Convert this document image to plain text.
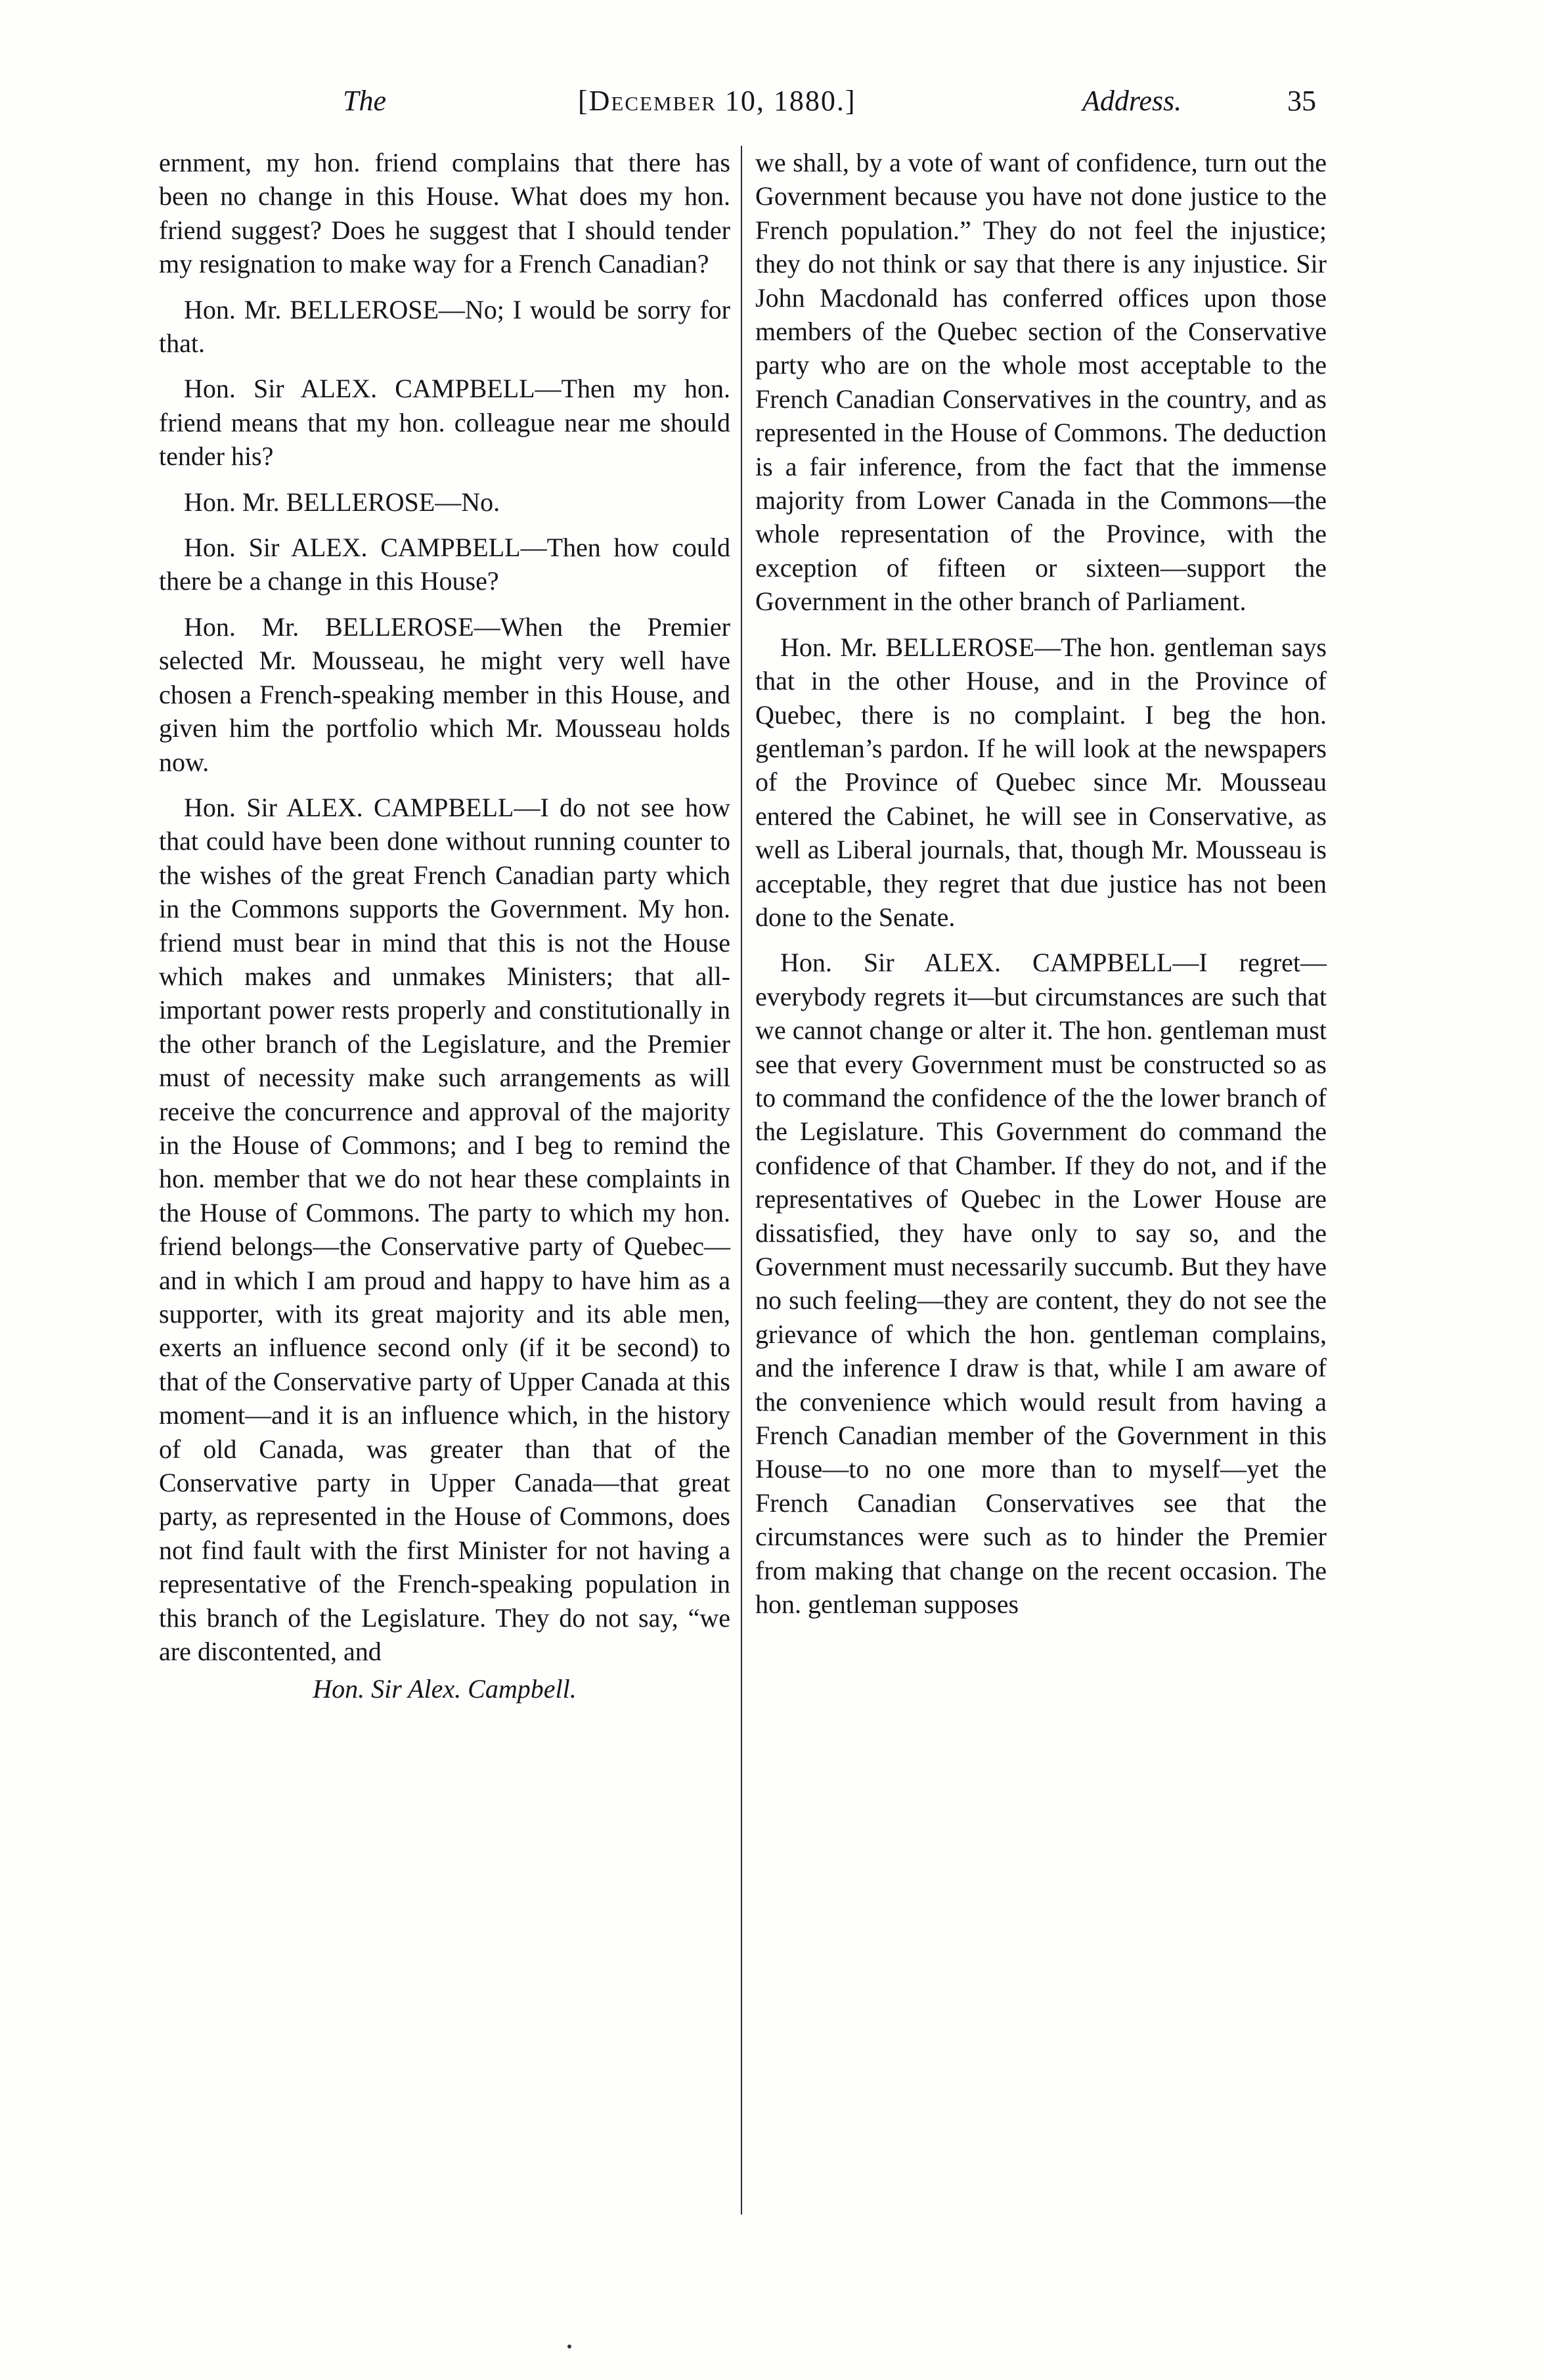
The	[December 10, 1880.]	Address.	35

ernment, my hon. friend complains that there has been no change in this House. What does my hon. friend suggest? Does he suggest that I should tender my resignation to make way for a French Canadian?

Hon. Mr. BELLEROSE—No; I would be sorry for that.

Hon. Sir ALEX. CAMPBELL—Then my hon. friend means that my hon. colleague near me should tender his?

Hon. Mr. BELLEROSE—No.

Hon. Sir ALEX. CAMPBELL—Then how could there be a change in this House?

Hon. Mr. BELLEROSE—When the Premier selected Mr. Mousseau, he might very well have chosen a French-speaking member in this House, and given him the portfolio which Mr. Mousseau holds now.

Hon. Sir ALEX. CAMPBELL—I do not see how that could have been done without running counter to the wishes of the great French Canadian party which in the Commons supports the Government. My hon. friend must bear in mind that this is not the House which makes and unmakes Ministers; that all-important power rests properly and constitutionally in the other branch of the Legislature, and the Premier must of necessity make such arrangements as will receive the concurrence and approval of the majority in the House of Commons; and I beg to remind the hon. member that we do not hear these complaints in the House of Commons. The party to which my hon. friend belongs—the Conservative party of Quebec—and in which I am proud and happy to have him as a supporter, with its great majority and its able men, exerts an influence second only (if it be second) to that of the Conservative party of Upper Canada at this moment—and it is an influence which, in the history of old Canada, was greater than that of the Conservative party in Upper Canada—that great party, as represented in the House of Commons, does not find fault with the first Minister for not having a representative of the French-speaking population in this branch of the Legislature. They do not say, “we are discontented, and

Hon. Sir Alex. Campbell.

we shall, by a vote of want of confidence, turn out the Government because you have not done justice to the French population.” They do not feel the injustice; they do not think or say that there is any injustice. Sir John Macdonald has conferred offices upon those members of the Quebec section of the Conservative party who are on the whole most acceptable to the French Canadian Conservatives in the country, and as represented in the House of Commons. The deduction is a fair inference, from the fact that the immense majority from Lower Canada in the Commons—the whole representation of the Province, with the exception of fifteen or sixteen—support the Government in the other branch of Parliament.

Hon. Mr. BELLEROSE—The hon. gentleman says that in the other House, and in the Province of Quebec, there is no complaint. I beg the hon. gentleman’s pardon. If he will look at the newspapers of the Province of Quebec since Mr. Mousseau entered the Cabinet, he will see in Conservative, as well as Liberal journals, that, though Mr. Mousseau is acceptable, they regret that due justice has not been done to the Senate.

Hon. Sir ALEX. CAMPBELL—I regret—everybody regrets it—but circumstances are such that we cannot change or alter it. The hon. gentleman must see that every Government must be constructed so as to command the confidence of the the lower branch of the Legislature. This Government do command the confidence of that Chamber. If they do not, and if the representatives of Quebec in the Lower House are dissatisfied, they have only to say so, and the Government must necessarily succumb. But they have no such feeling—they are content, they do not see the grievance of which the hon. gentleman complains, and the inference I draw is that, while I am aware of the convenience which would result from having a French Canadian member of the Government in this House—to no one more than to myself—yet the French Canadian Conservatives see that the circumstances were such as to hinder the Premier from making that change on the recent occasion. The hon. gentleman supposes
